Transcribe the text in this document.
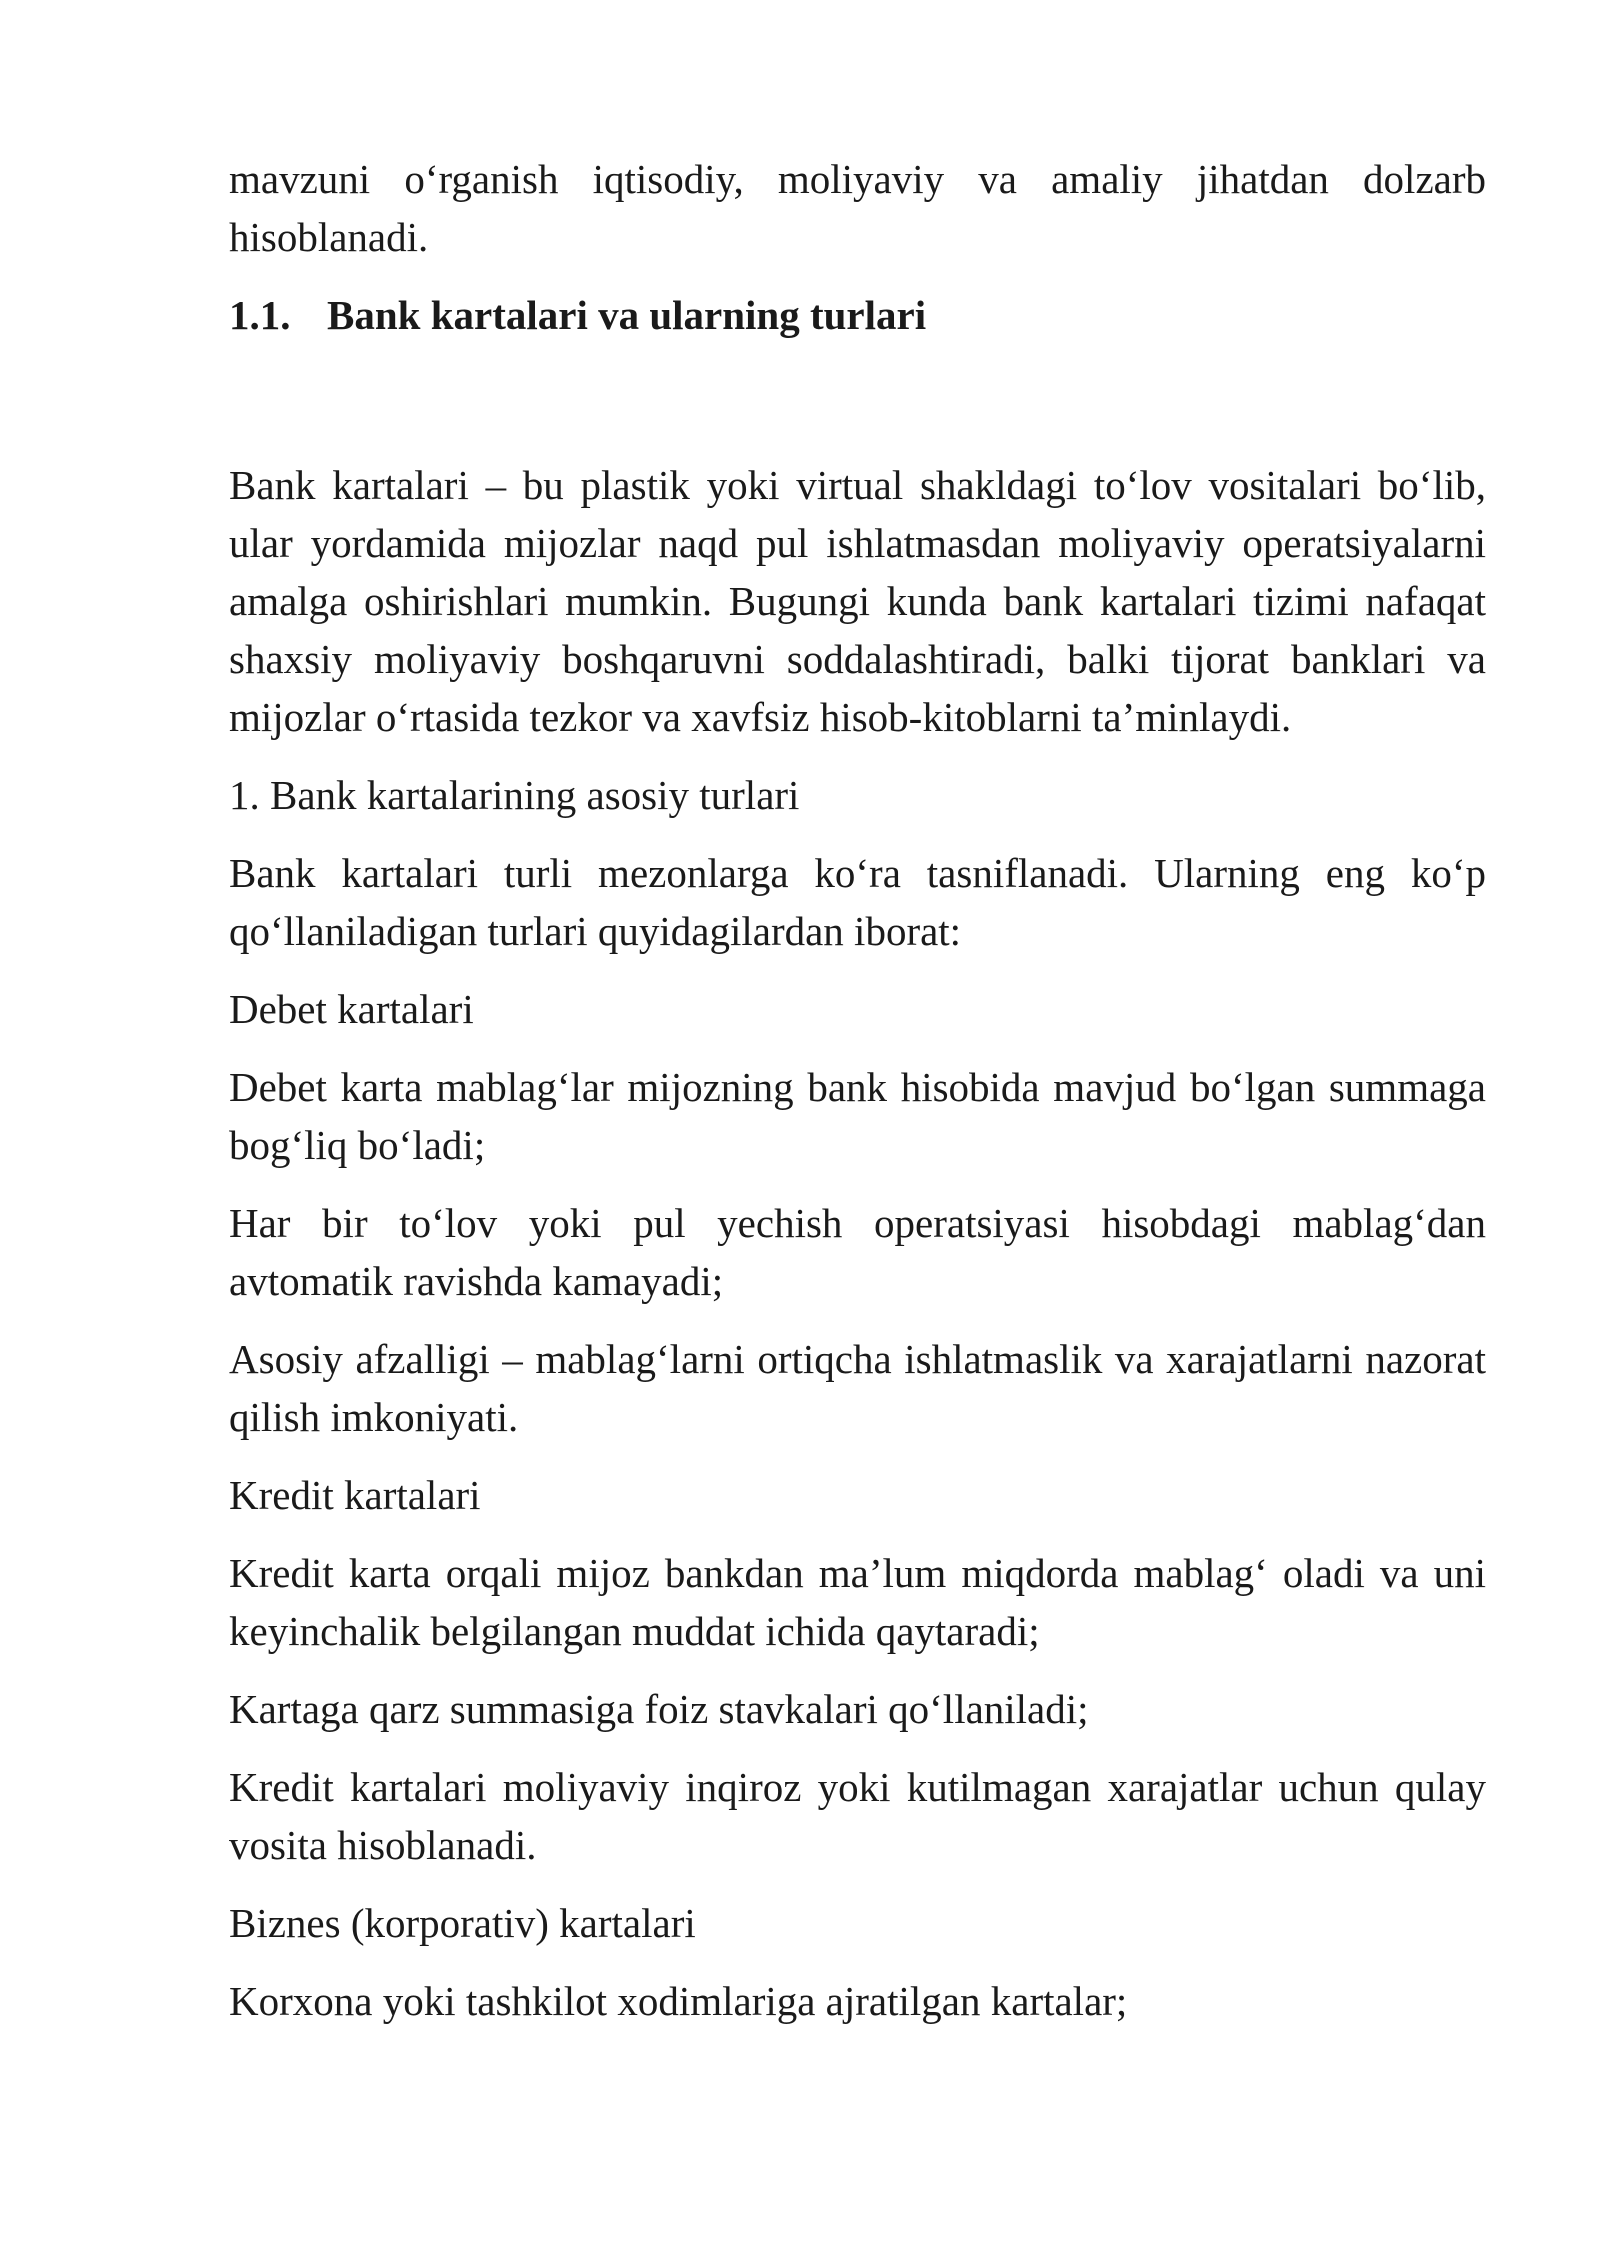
mavzuni o‘rganish iqtisodiy, moliyaviy va amaliy jihatdan dolzarb hisoblanadi.

1.1. Bank kartalari va ularning turlari

Bank kartalari – bu plastik yoki virtual shakldagi to‘lov vositalari bo‘lib, ular yordamida mijozlar naqd pul ishlatmasdan moliyaviy operatsiyalarni amalga oshirishlari mumkin. Bugungi kunda bank kartalari tizimi nafaqat shaxsiy moliyaviy boshqaruvni soddalashtiradi, balki tijorat banklari va mijozlar o‘rtasida tezkor va xavfsiz hisob-kitoblarni ta’minlaydi.

1. Bank kartalarining asosiy turlari

Bank kartalari turli mezonlarga ko‘ra tasniflanadi. Ularning eng ko‘p qo‘llaniladigan turlari quyidagilardan iborat:

Debet kartalari

Debet karta mablag‘lar mijozning bank hisobida mavjud bo‘lgan summaga bog‘liq bo‘ladi;

Har bir to‘lov yoki pul yechish operatsiyasi hisobdagi mablag‘dan avtomatik ravishda kamayadi;

Asosiy afzalligi – mablag‘larni ortiqcha ishlatmaslik va xarajatlarni nazorat qilish imkoniyati.

Kredit kartalari

Kredit karta orqali mijoz bankdan ma’lum miqdorda mablag‘ oladi va uni keyinchalik belgilangan muddat ichida qaytaradi;

Kartaga qarz summasiga foiz stavkalari qo‘llaniladi;

Kredit kartalari moliyaviy inqiroz yoki kutilmagan xarajatlar uchun qulay vosita hisoblanadi.

Biznes (korporativ) kartalari

Korxona yoki tashkilot xodimlariga ajratilgan kartalar;
